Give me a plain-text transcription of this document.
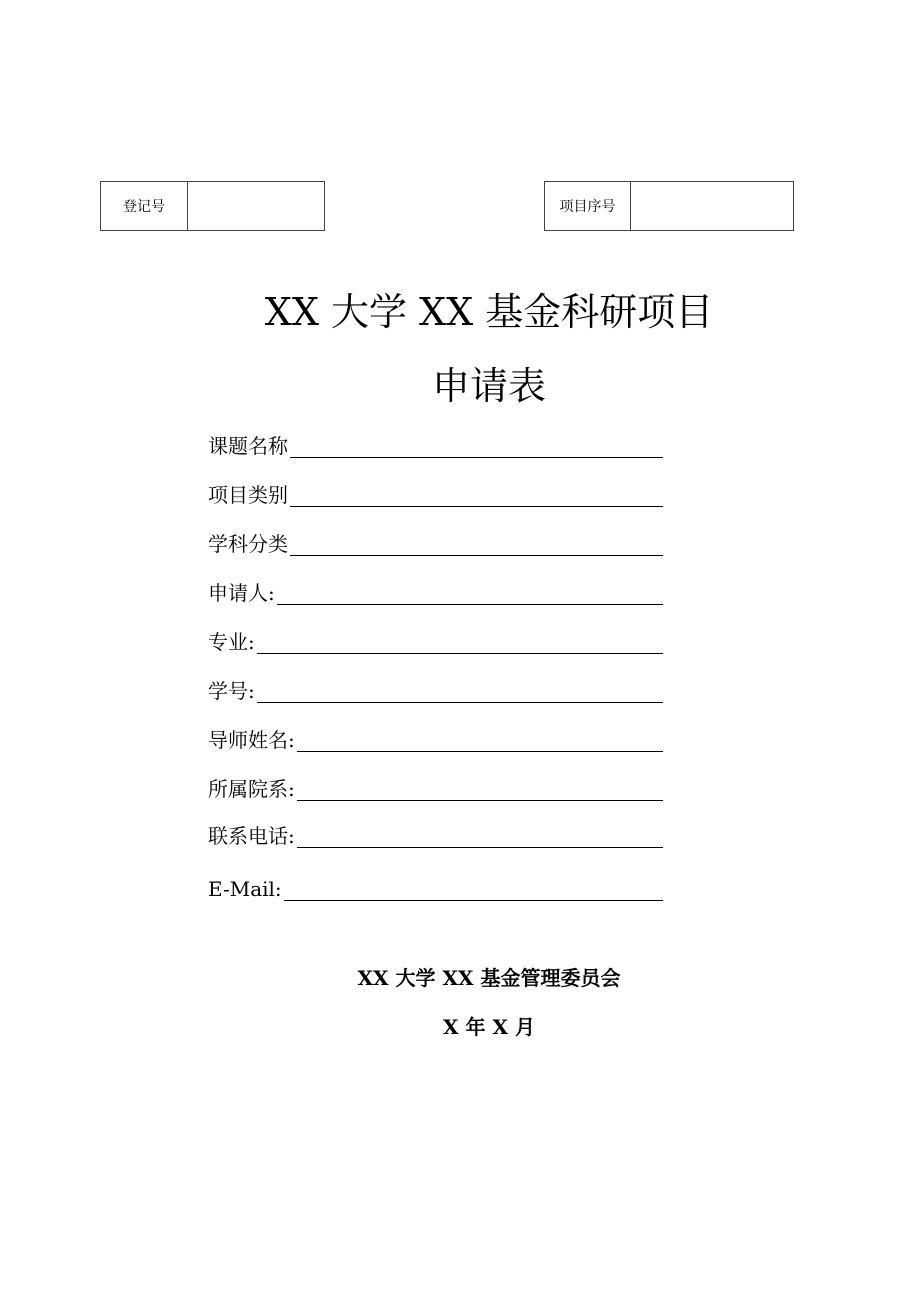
登记号	项目序号
XX 大学 XX 基金科研项目
申请表
课题名称
项目类别
学科分类
申请人:
专业:
学号:
导师姓名:
所属院系:
联系电话:
E-Mail:
XX 大学 XX 基金管理委员会
X 年 X 月
